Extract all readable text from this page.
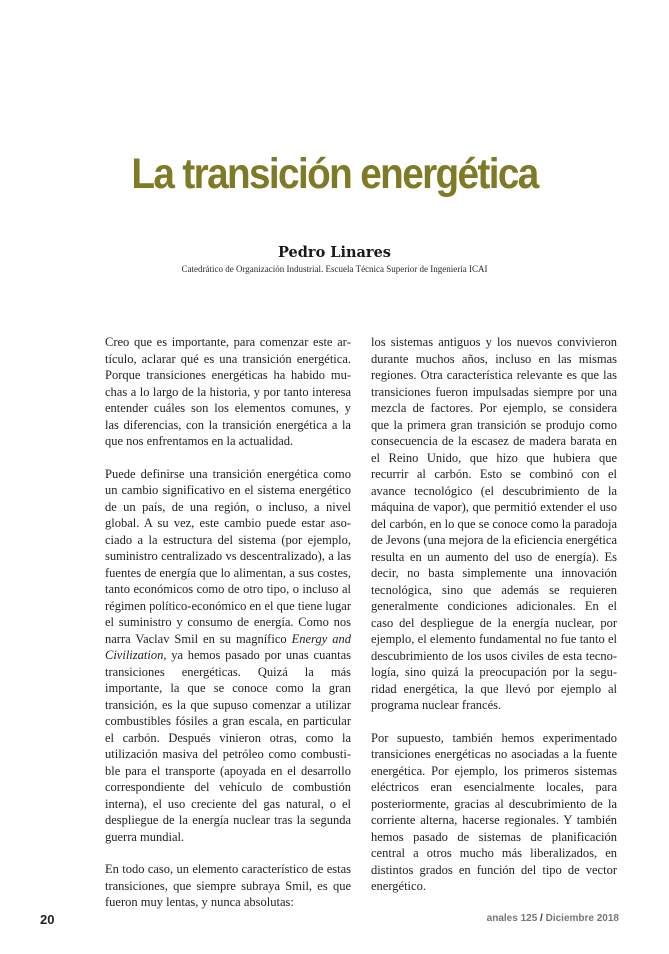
La transición energética
Pedro Linares
Catedrático de Organización Industrial. Escuela Técnica Superior de Ingeniería ICAI

Creo que es importante, para comenzar este artículo, aclarar qué es una transición energética. Porque transiciones energéticas ha habido muchas a lo largo de la historia, y por tanto interesa entender cuáles son los elementos comunes, y las diferencias, con la transición energética a la que nos enfrentamos en la actualidad.

Puede definirse una transición energética como un cambio significativo en el sistema energético de un país, de una región, o incluso, a nivel global. A su vez, este cambio puede estar asociado a la estructura del sistema (por ejemplo, suministro centralizado vs descentralizado), a las fuentes de energía que lo alimentan, a sus costes, tanto económicos como de otro tipo, o incluso al régimen político-económico en el que tiene lugar el suministro y consumo de energía. Como nos narra Vaclav Smil en su magnífico Energy and Civilization, ya hemos pasado por unas cuantas transiciones energéticas. Quizá la más importante, la que se conoce como la gran transición, es la que supuso comenzar a utilizar combustibles fósiles a gran escala, en particular el carbón. Después vinieron otras, como la utilización masiva del petróleo como combustible para el transporte (apoyada en el desarrollo correspondiente del vehículo de combustión interna), el uso creciente del gas natural, o el despliegue de la energía nuclear tras la segunda guerra mundial.

En todo caso, un elemento característico de estas transiciones, que siempre subraya Smil, es que fueron muy lentas, y nunca absolutas:

los sistemas antiguos y los nuevos convivieron durante muchos años, incluso en las mismas regiones. Otra característica relevante es que las transiciones fueron impulsadas siempre por una mezcla de factores. Por ejemplo, se considera que la primera gran transición se produjo como consecuencia de la escasez de madera barata en el Reino Unido, que hizo que hubiera que recurrir al carbón. Esto se combinó con el avance tecnológico (el descubrimiento de la máquina de vapor), que permitió extender el uso del carbón, en lo que se conoce como la paradoja de Jevons (una mejora de la eficiencia energética resulta en un aumento del uso de energía). Es decir, no basta simplemente una innovación tecnológica, sino que además se requieren generalmente condiciones adicionales. En el caso del despliegue de la energía nuclear, por ejemplo, el elemento fundamental no fue tanto el descubrimiento de los usos civiles de esta tecnología, sino quizá la preocupación por la seguridad energética, la que llevó por ejemplo al programa nuclear francés.

Por supuesto, también hemos experimentado transiciones energéticas no asociadas a la fuente energética. Por ejemplo, los primeros sistemas eléctricos eran esencialmente locales, para posteriormente, gracias al descubrimiento de la corriente alterna, hacerse regionales. Y también hemos pasado de sistemas de planificación central a otros mucho más liberalizados, en distintos grados en función del tipo de vector energético.

20	anales 125 / Diciembre 2018
